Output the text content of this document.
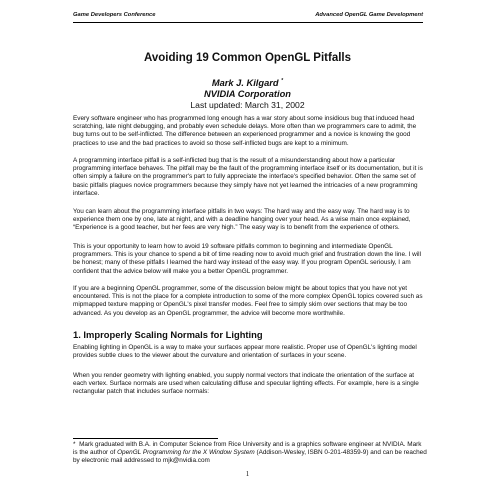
Game Developers Conference	Advanced OpenGL Game Development
Avoiding 19 Common OpenGL Pitfalls
Mark J. Kilgard *
NVIDIA Corporation
Last updated: March 31, 2002

Every software engineer who has programmed long enough has a war story about some insidious bug that induced head scratching, late night debugging, and probably even schedule delays. More often than we programmers care to admit, the bug turns out to be self-inflicted. The difference between an experienced programmer and a novice is knowing the good practices to use and the bad practices to avoid so those self-inflicted bugs are kept to a minimum.

A programming interface pitfall is a self-inflicted bug that is the result of a misunderstanding about how a particular programming interface behaves. The pitfall may be the fault of the programming interface itself or its documentation, but it is often simply a failure on the programmer's part to fully appreciate the interface's specified behavior. Often the same set of basic pitfalls plagues novice programmers because they simply have not yet learned the intricacies of a new programming interface.

You can learn about the programming interface pitfalls in two ways: The hard way and the easy way. The hard way is to experience them one by one, late at night, and with a deadline hanging over your head. As a wise main once explained, “Experience is a good teacher, but her fees are very high.” The easy way is to benefit from the experience of others.

This is your opportunity to learn how to avoid 19 software pitfalls common to beginning and intermediate OpenGL programmers. This is your chance to spend a bit of time reading now to avoid much grief and frustration down the line. I will be honest; many of these pitfalls I learned the hard way instead of the easy way. If you program OpenGL seriously, I am confident that the advice below will make you a better OpenGL programmer.

If you are a beginning OpenGL programmer, some of the discussion below might be about topics that you have not yet encountered. This is not the place for a complete introduction to some of the more complex OpenGL topics covered such as mipmapped texture mapping or OpenGL's pixel transfer modes. Feel free to simply skim over sections that may be too advanced. As you develop as an OpenGL programmer, the advice will become more worthwhile.

1. Improperly Scaling Normals for Lighting

Enabling lighting in OpenGL is a way to make your surfaces appear more realistic. Proper use of OpenGL's lighting model provides subtle clues to the viewer about the curvature and orientation of surfaces in your scene.

When you render geometry with lighting enabled, you supply normal vectors that indicate the orientation of the surface at each vertex. Surface normals are used when calculating diffuse and specular lighting effects. For example, here is a single rectangular patch that includes surface normals:

* Mark graduated with B.A. in Computer Science from Rice University and is a graphics software engineer at NVIDIA. Mark is the author of OpenGL Programming for the X Window System (Addison-Wesley, ISBN 0-201-48359-9) and can be reached by electronic mail addressed to mjk@nvidia.com

1
